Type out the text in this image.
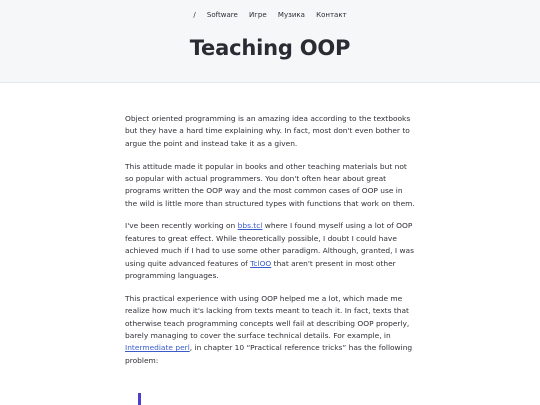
/ Software Игре Музика Контакт
Teaching OOP

Object oriented programming is an amazing idea according to the textbooks but they have a hard time explaining why. In fact, most don't even bother to argue the point and instead take it as a given.

This attitude made it popular in books and other teaching materials but not so popular with actual programmers. You don't often hear about great programs written the OOP way and the most common cases of OOP use in the wild is little more than structured types with functions that work on them.

I've been recently working on bbs.tcl where I found myself using a lot of OOP features to great effect. While theoretically possible, I doubt I could have achieved much if I had to use some other paradigm. Although, granted, I was using quite advanced features of TclOO that aren't present in most other programming languages.

This practical experience with using OOP helped me a lot, which made me realize how much it's lacking from texts meant to teach it. In fact, texts that otherwise teach programming concepts well fail at describing OOP properly, barely managing to cover the surface technical details. For example, in Intermediate perl, in chapter 10 “Practical reference tricks” has the following problem:
